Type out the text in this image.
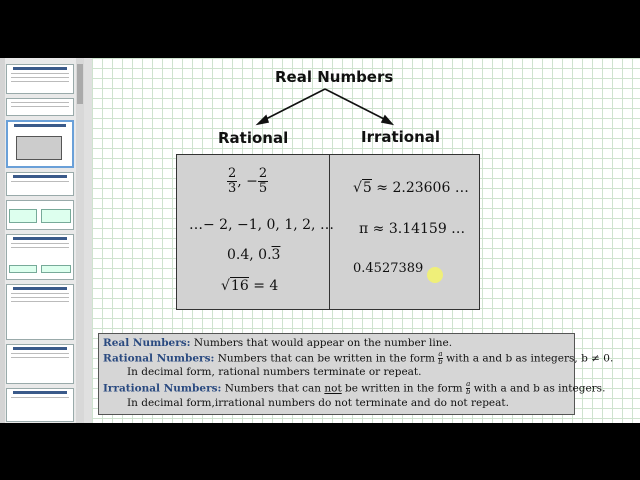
Real Numbers
Rational	Irrational
$\frac{2}{3}$ , − $\frac{2}{5}$
…− 2, −1, 0, 1, 2, …
0.4, 0.3
√16 = 4
√5 ≈ 2.23606 …
π ≈ 3.14159 …
0.4527389
Real Numbers: Numbers that would appear on the number line.
Rational Numbers: Numbers that can be written in the form $\frac{a}{b}$ with a and b as integers, b ≠ 0.
In decimal form, rational numbers terminate or repeat.
Irrational Numbers: Numbers that can not be written in the form $\frac{a}{b}$ with a and b as integers.
In decimal form,irrational numbers do not terminate and do not repeat.
